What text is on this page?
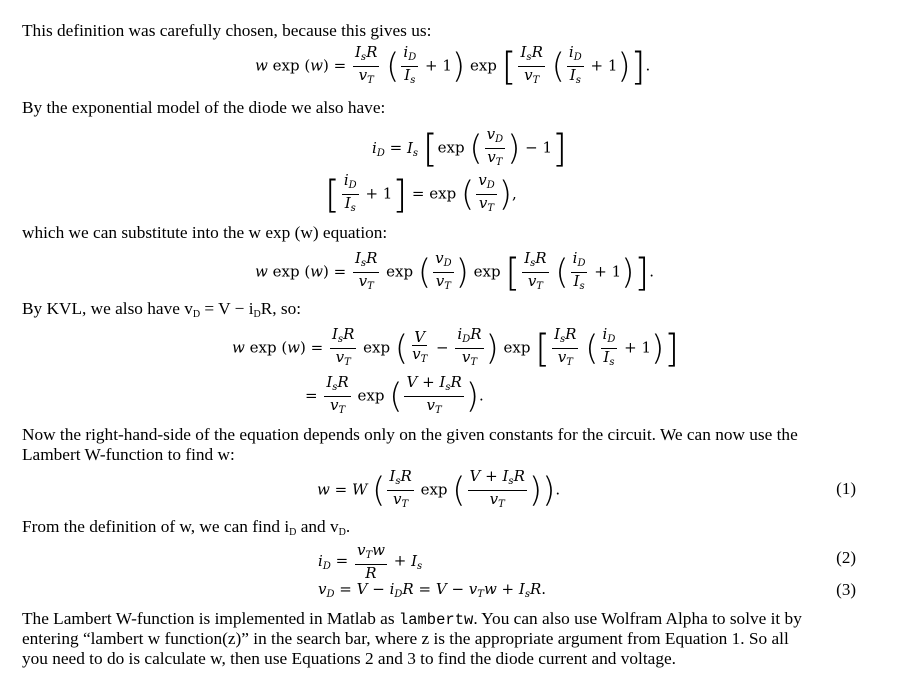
This definition was carefully chosen, because this gives us:
w exp (w) =
$I_sR$
$v_T$ ( $\frac{i_D}{I_s} + 1$) exp [ $I_sR$
$v_T$ ( $\frac{i_D}{I_s} + 1$)].
By the exponential model of the diode we also have:
$i_D = I_s$ [exp ( $\frac{v_D}{v_T}$ ) − 1]
[ $\frac{i_D}{I_s} + 1] = \exp$ ( $\frac{v_D}{v_T}$ ),
which we can substitute into the w exp (w) equation:
w exp (w) =
$I_sR$
$v_T$
exp ( $\frac{v_D}{v_T}$ ) exp [ $I_sR$
$v_T$ ( $\frac{i_D}{I_s} + 1$)].
By KVL, we also have $v_D = V - i_DR$, so:
w exp (w) =
$I_sR$
$v_T$
exp ( $\frac{V}{v_T}$ −
$i_DR$
$v_T$ ) exp [ $I_sR$
$v_T$ ( $\frac{i_D}{I_s} + 1$)]
=
$I_sR$
$v_T$
exp ( $V + I_sR$
$v_T$ ).
Now the right-hand-side of the equation depends only on the given constants for the circuit. We can now use the
Lambert W-function to find w:
w = W ( $I_sR$
$v_T$
exp ( $V + I_sR$
$v_T$ )).	(1)
From the definition of w, we can find $i_D$ and $v_D$.
$i_D$ =
$v_Tw$
R
+ $I_s$	(2)
$v_D = V - i_DR = V - v_Tw + I_sR$.	(3)
The Lambert W-function is implemented in Matlab as lambertw. You can also use Wolfram Alpha to solve it by
entering “lambert w function(z)” in the search bar, where z is the appropriate argument from Equation 1. So all
you need to do is calculate w, then use Equations 2 and 3 to find the diode current and voltage.
